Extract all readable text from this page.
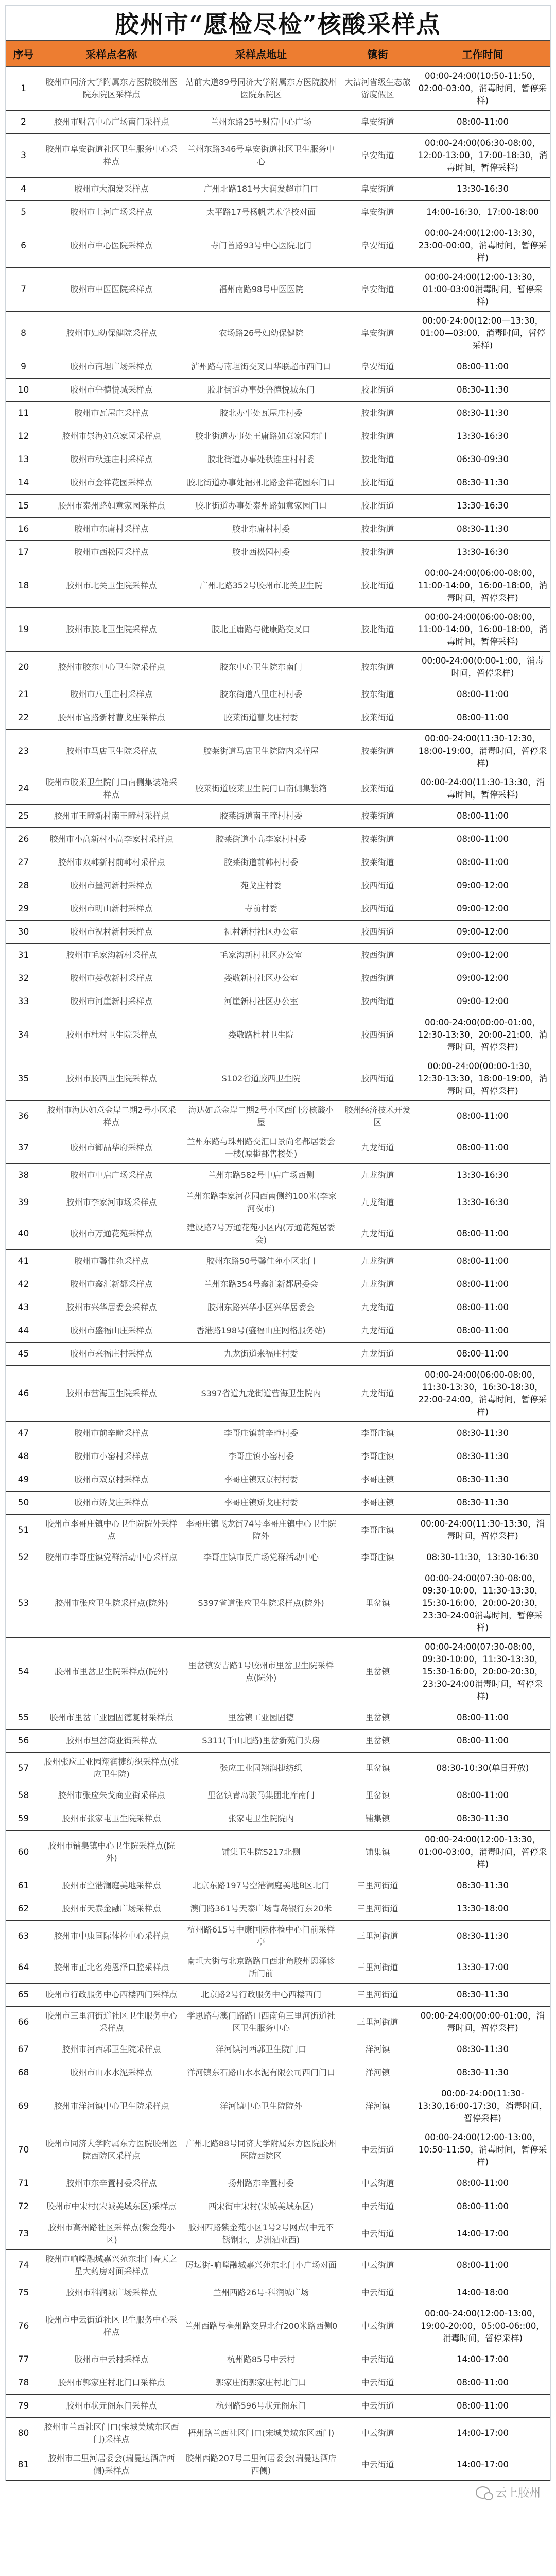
胶州市“愿检尽检”核酸采样点
序号	采样点名称	采样点地址	镇街	工作时间
1	胶州市同济大学附属东方医院胶州医院东院区采样点	站前大道89号同济大学附属东方医院胶州医院东院区	大沽河省级生态旅游度假区	00:00-24:00(10:50-11:50，02:00-03:00，消毒时间，暂停采样)
2	胶州市财富中心广场南门采样点	兰州东路25号财富中心广场	阜安街道	08:00-11:00
3	胶州市阜安街道社区卫生服务中心采样点	兰州东路346号阜安街道社区卫生服务中心	阜安街道	00:00-24:00(06:30-08:00，12:00-13:00，17:00-18:30，消毒时间，暂停采样)
4	胶州市大润发采样点	广州北路181号大润发超市门口	阜安街道	13:30-16:30
5	胶州市上河广场采样点	太平路17号杨帆艺术学校对面	阜安街道	14:00-16:30，17:00-18:00
6	胶州市中心医院采样点	寺门首路93号中心医院北门	阜安街道	00:00-24:00(12:00-13:30，23:00-00:00，消毒时间，暂停采样)
7	胶州市中医医院采样点	福州南路98号中医医院	阜安街道	00:00-24:00(12:00-13:30，01:00-03:00消毒时间，暂停采样)
8	胶州市妇幼保健院采样点	农场路26号妇幼保健院	阜安街道	00:00-24:00(12:00—13:30，01:00—03:00，消毒时间，暂停采样)
9	胶州市南坦广场采样点	泸州路与南坦街交叉口华联超市西门口	阜安街道	08:00-11:00
10	胶州市鲁德悦城采样点	胶北街道办事处鲁德悦城东门	胶北街道	08:30-11:30
11	胶州市瓦屋庄采样点	胶北办事处瓦屋庄村委	胶北街道	08:30-11:30
12	胶州市崇海如意家园采样点	胶北街道办事处王庸路如意家园东门	胶北街道	13:30-16:30
13	胶州市秋连庄村采样点	胶北街道办事处秋连庄村村委	胶北街道	06:30-09:30
14	胶州市金祥花园采样点	胶北街道办事处福州北路金祥花园东门口	胶北街道	08:30-11:30
15	胶州市泰州路如意家园采样点	胶北街道办事处泰州路如意家园门口	胶北街道	13:30-16:30
16	胶州市东庸村采样点	胶北东庸村村委	胶北街道	08:30-11:30
17	胶州市西松园采样点	胶北西松园村委	胶北街道	13:30-16:30
18	胶州市北关卫生院采样点	广州北路352号胶州市北关卫生院	胶北街道	00:00-24:00(06:00-08:00，11:00-14:00，16:00-18:00，消毒时间，暂停采样)
19	胶州市胶北卫生院采样点	胶北王庸路与健康路交叉口	胶北街道	00:00-24:00(06:00-08:00，11:00-14:00，16:00-18:00，消毒时间，暂停采样)
20	胶州市胶东中心卫生院采样点	胶东中心卫生院东南门	胶东街道	00:00-24:00(0:00-1:00，消毒时间，暂停采样)
21	胶州市八里庄村采样点	胶东街道八里庄村村委	胶东街道	08:00-11:00
22	胶州市官路新村曹戈庄采样点	胶莱街道曹戈庄村委	胶莱街道	08:00-11:00
23	胶州市马店卫生院采样点	胶莱街道马店卫生院院内采样屋	胶莱街道	00:00-24:00(11:30-12:30，18:00-19:00，消毒时间，暂停采样)
24	胶州市胶莱卫生院门口南侧集装箱采样点	胶莱街道胶莱卫生院门口南侧集装箱	胶莱街道	00:00-24:00(11:30-13:30，消毒时间，暂停采样)
25	胶州市王疃新村南王疃村采样点	胶莱街道南王疃村村委	胶莱街道	08:00-11:00
26	胶州市小高新村小高李家村采样点	胶莱街道小高李家村村委	胶莱街道	08:00-11:00
27	胶州市双韩新村前韩村采样点	胶莱街道前韩村村委	胶莱街道	08:00-11:00
28	胶州市墨河新村采样点	苑戈庄村委	胶西街道	09:00-12:00
29	胶州市明山新村采样点	寺前村委	胶西街道	09:00-12:00
30	胶州市祝村新村采样点	祝村新村社区办公室	胶西街道	09:00-12:00
31	胶州市毛家沟新村采样点	毛家沟新村社区办公室	胶西街道	09:00-12:00
32	胶州市娄敬新村采样点	娄敬新村社区办公室	胶西街道	09:00-12:00
33	胶州市河崖新村采样点	河崖新村社区办公室	胶西街道	09:00-12:00
34	胶州市杜村卫生院采样点	娄敬路杜村卫生院	胶西街道	00:00-24:00(00:00-01:00，12:30-13:30，20:00-21:00，消毒时间，暂停采样)
35	胶州市胶西卫生院采样点	S102省道胶西卫生院	胶西街道	00:00-24:00(00:00-1:30，12:30-13:30，18:00-19:00，消毒时间，暂停采样)
36	胶州市海达如意金岸二期2号小区采样点	海达如意金岸二期2号小区西门旁核酸小屋	胶州经济技术开发区	08:00-11:00
37	胶州市御品华府采样点	兰州东路与珠州路交汇口景尚名都居委会一楼(原樾郡售楼处)	九龙街道	08:00-11:00
38	胶州市中启广场采样点	兰州东路582号中启广场西侧	九龙街道	13:30-16:30
39	胶州市李家河市场采样点	兰州东路李家河花园西南侧约100米(李家河夜市)	九龙街道	13:30-16:30
40	胶州市万通花苑采样点	建设路7号万通花苑小区内(万通花苑居委会)	九龙街道	08:00-11:00
41	胶州市馨佳苑采样点	胶州东路50号馨佳苑小区北门	九龙街道	08:00-11:00
42	胶州市鑫汇新都采样点	兰州东路354号鑫汇新都居委会	九龙街道	08:00-11:00
43	胶州市兴华居委会采样点	胶州东路兴华小区兴华居委会	九龙街道	08:00-11:00
44	胶州市盛福山庄采样点	香港路198号(盛福山庄网格服务站)	九龙街道	08:00-11:00
45	胶州市来福庄村采样点	九龙街道来福庄村委	九龙街道	08:00-11:00
46	胶州市营海卫生院采样点	S397省道九龙街道营海卫生院内	九龙街道	00:00-24:00(06:00-08:00，11:30-13:30，16:30-18:30，22:00-24:00，消毒时间，暂停采样)
47	胶州市前辛疃采样点	李哥庄镇前辛疃村委	李哥庄镇	08:30-11:30
48	胶州市小窑村采样点	李哥庄镇小窑村委	李哥庄镇	08:30-11:30
49	胶州市双京村采样点	李哥庄镇双京村村委	李哥庄镇	08:30-11:30
50	胶州市矫戈庄采样点	李哥庄镇矫戈庄村委	李哥庄镇	08:30-11:30
51	胶州市李哥庄镇中心卫生院院外采样点	李哥庄镇飞龙街74号李哥庄镇中心卫生院院外	李哥庄镇	00:00-24:00(11:30-13:30，消毒时间，暂停采样)
52	胶州市李哥庄镇党群活动中心采样点	李哥庄镇市民广场党群活动中心	李哥庄镇	08:30-11:30，13:30-16:30
53	胶州市张应卫生院采样点(院外)	S397省道张应卫生院采样点(院外)	里岔镇	00:00-24:00(07:30-08:00，09:30-10:00，11:30-13:30，15:30-16:00，20:00-20:30，23:30-24:00消毒时间，暂停采样)
54	胶州市里岔卫生院采样点(院外)	里岔镇安吉路1号胶州市里岔卫生院采样点(院外)	里岔镇	00:00-24:00(07:30-08:00，09:30-10:00，11:30-13:30，15:30-16:00，20:00-20:30，23:30-24:00消毒时间，暂停采样)
55	胶州市里岔工业园固德复材采样点	里岔镇工业园固德	里岔镇	08:00-11:00
56	胶州市里岔商业街采样点	S311(千山北路)里岔新苑门头房	里岔镇	08:00-11:00
57	胶州张应工业园翔润捷纺织采样点(张应卫生院)	张应工业园翔润捷纺织	里岔镇	08:30-10:30(单日开放)
58	胶州市张应朱戈商业街采样点	里岔镇青岛骏马集团北库南门	里岔镇	08:00-11:00
59	胶州市张家屯卫生院采样点	张家屯卫生院院内	铺集镇	08:30-11:30
60	胶州市铺集镇中心卫生院采样点(院外)	铺集卫生院S217北侧	铺集镇	00:00-24:00(12:00-13:30，01:00-03:00，消毒时间，暂停采样)
61	胶州市空港澜庭美地采样点	北京东路197号空港澜庭美地B区北门	三里河街道	08:30-11:30
62	胶州市天泰金融广场采样点	澳门路361号天泰广场青岛银行东20米	三里河街道	13:30-18:00
63	胶州市中康国际体检中心采样点	杭州路615号中康国际体检中心门前采样亭	三里河街道	08:30-11:30
64	胶州市正北名苑恩泽口腔采样点	南坦大街与北京路路口西北角胶州恩泽诊所门前	三里河街道	13:30-17:00
65	胶州市行政服务中心西楼西门采样点	北京路2号行政服务中心西楼西门	三里河街道	08:30-11:30
66	胶州市三里河街道社区卫生服务中心采样点	学思路与澳门路路口西南角三里河街道社区卫生服务中心	三里河街道	00:00-24:00(00:00-01:00，消毒时间，暂停采样)
67	胶州市河西郭卫生院采样点	洋河镇河西郭卫生院门口	洋河镇	08:30-11:30
68	胶州市山水水泥采样点	洋河镇东石路山水水泥有限公司西门门口	洋河镇	08:30-11:30
69	胶州市洋河镇中心卫生院采样点	洋河镇中心卫生院院外	洋河镇	00:00-24:00(11:30-13:30,16:00-17:30，消毒时间，暂停采样)
70	胶州市同济大学附属东方医院胶州医院西院区采样点	广州北路88号同济大学附属东方医院胶州医院西院区	中云街道	00:00-24:00(12:00-13:00，10:50-11:50，消毒时间，暂停采样)
71	胶州市东辛置村委采样点	扬州路东辛置村委	中云街道	08:00-11:00
72	胶州市中宋村(宋城美域东区)采样点	西宋街中宋村(宋城美域东区)	中云街道	08:00-11:00
73	胶州市高州路社区采样点(紫金苑小区)	胶州西路紫金苑小区1号2号网点(中元不锈钢北，龙洲酒业西)	中云街道	14:00-17:00
74	胶州市响嘡融城嘉兴苑东北门春天之星大药房对面采样点	厉坛街-响嘡融城嘉兴苑东北门小广场对面	中云街道	08:00-11:00
75	胶州市科润城广场采样点	兰州西路26号-科润城广场	中云街道	14:00-18:00
76	胶州市中云街道社区卫生服务中心采样点	兰州西路与亳州路交界北行200米路西侧0	中云街道	00:00-24:00(12:00-13:00，19:00-20:00，05:00-06::00，消毒时间，暂停采样)
77	胶州市中云村采样点	杭州路85号中云村	中云街道	14:00-17:00
78	胶州市郭家庄村北门口采样点	郭家庄街郭家庄村北门口	中云街道	08:00-11:00
79	胶州市状元阁东门采样点	杭州路596号状元阁东门	中云街道	08:00-11:00
80	胶州市兰西社区门口(宋城美域东区西门)采样点	梧州路兰西社区门口(宋城美域东区西门)	中云街道	14:00-17:00
81	胶州市二里河居委会(瑞曼达酒店西侧)采样点	胶州西路207号二里河居委会(瑞曼达酒店西侧)	中云街道	14:00-17:00
云上胶州
